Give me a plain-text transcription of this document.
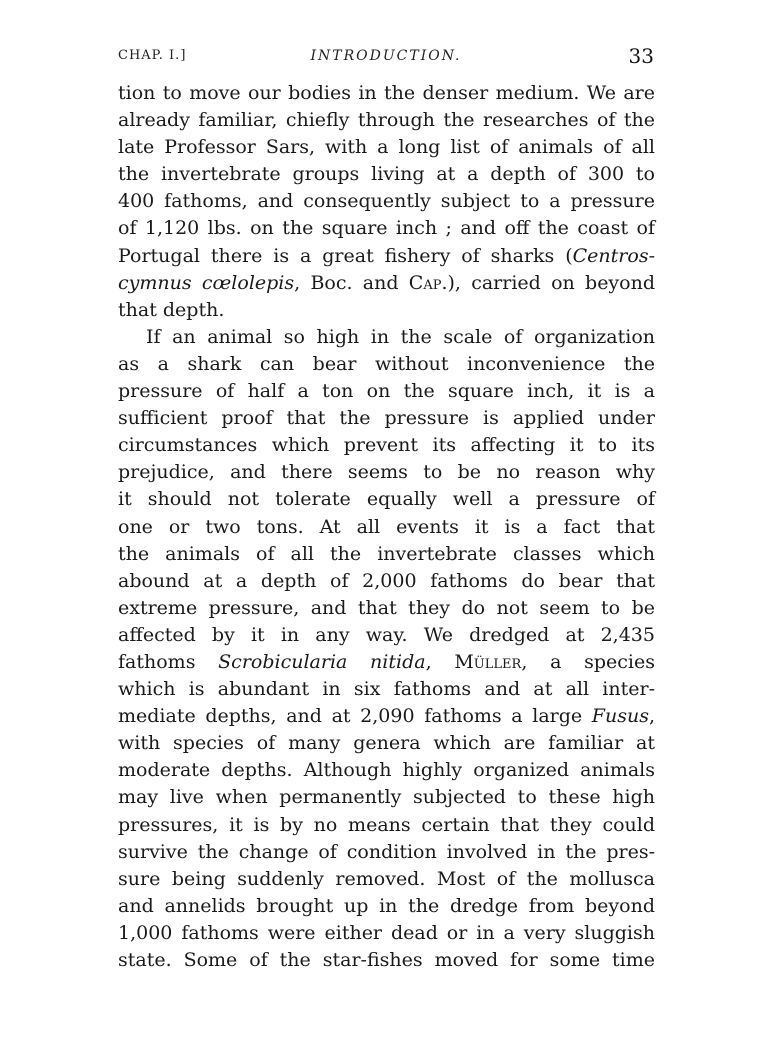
CHAP. I.]	INTRODUCTION.	33
tion to move our bodies in the denser medium. We are
already familiar, chiefly through the researches of the
late Professor Sars, with a long list of animals of all
the invertebrate groups living at a depth of 300 to
400 fathoms, and consequently subject to a pressure
of 1,120 lbs. on the square inch ; and off the coast of
Portugal there is a great fishery of sharks (Centros-
cymnus cœlolepis, Boc. and Cap.), carried on beyond
that depth.
If an animal so high in the scale of organization
as a shark can bear without inconvenience the
pressure of half a ton on the square inch, it is a
sufficient proof that the pressure is applied under
circumstances which prevent its affecting it to its
prejudice, and there seems to be no reason why
it should not tolerate equally well a pressure of
one or two tons. At all events it is a fact that
the animals of all the invertebrate classes which
abound at a depth of 2,000 fathoms do bear that
extreme pressure, and that they do not seem to be
affected by it in any way. We dredged at 2,435
fathoms Scrobicularia nitida, Müller, a species
which is abundant in six fathoms and at all inter-
mediate depths, and at 2,090 fathoms a large Fusus,
with species of many genera which are familiar at
moderate depths. Although highly organized animals
may live when permanently subjected to these high
pressures, it is by no means certain that they could
survive the change of condition involved in the pres-
sure being suddenly removed. Most of the mollusca
and annelids brought up in the dredge from beyond
1,000 fathoms were either dead or in a very sluggish
state. Some of the star-fishes moved for some time
